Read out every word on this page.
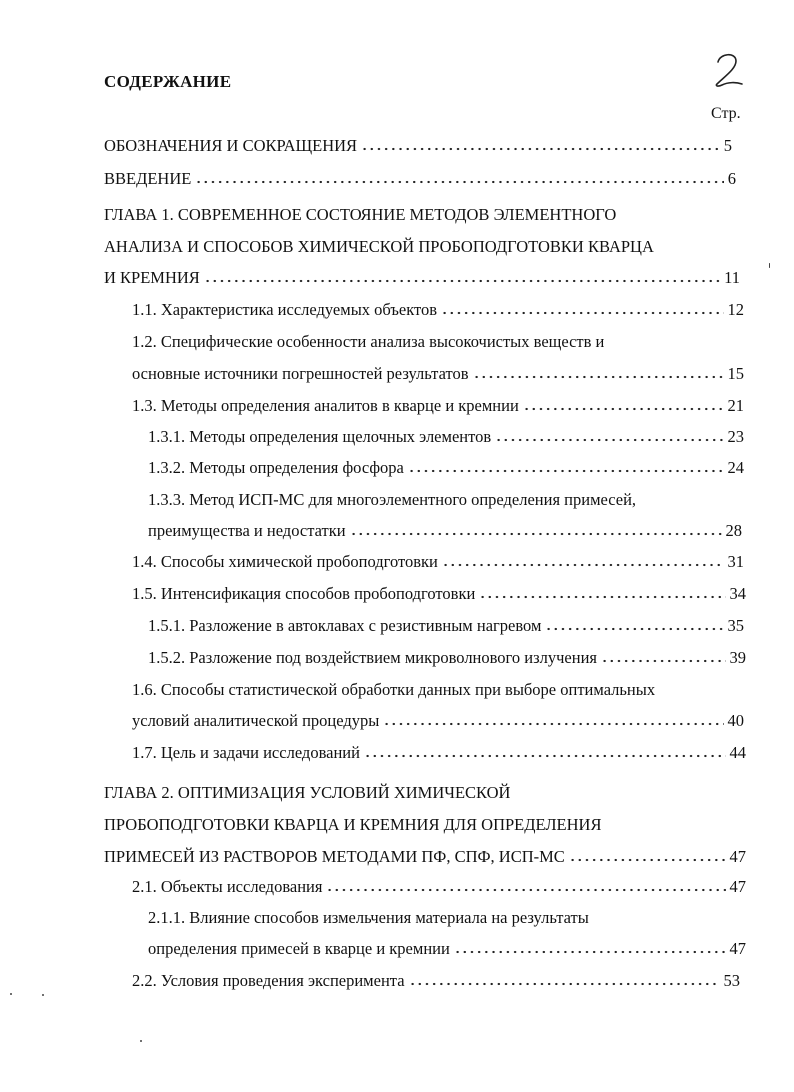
СОДЕРЖАНИЕ
Стр.
ОБОЗНАЧЕНИЯ И СОКРАЩЕНИЯ	5
ВВЕДЕНИЕ	6
ГЛАВА 1. СОВРЕМЕННОЕ СОСТОЯНИЕ МЕТОДОВ ЭЛЕМЕНТНОГО
АНАЛИЗА И СПОСОБОВ ХИМИЧЕСКОЙ ПРОБОПОДГОТОВКИ КВАРЦА
И КРЕМНИЯ	11
1.1. Характеристика исследуемых объектов	12
1.2. Специфические особенности анализа высокочистых веществ и
основные источники погрешностей результатов	15
1.3. Методы определения аналитов в кварце и кремнии	21
1.3.1. Методы определения щелочных элементов	23
1.3.2. Методы определения фосфора	24
1.3.3. Метод ИСП-МС для многоэлементного определения примесей,
преимущества и недостатки	28
1.4. Способы химической пробоподготовки	31
1.5. Интенсификация способов пробоподготовки	34
1.5.1. Разложение в автоклавах с резистивным нагревом	35
1.5.2. Разложение под воздействием микроволнового излучения	39
1.6. Способы статистической обработки данных при выборе оптимальных
условий аналитической процедуры	40
1.7. Цель и задачи исследований	44
ГЛАВА 2. ОПТИМИЗАЦИЯ УСЛОВИЙ ХИМИЧЕСКОЙ
ПРОБОПОДГОТОВКИ КВАРЦА И КРЕМНИЯ ДЛЯ ОПРЕДЕЛЕНИЯ
ПРИМЕСЕЙ ИЗ РАСТВОРОВ МЕТОДАМИ ПФ, СПФ, ИСП-МС	47
2.1. Объекты исследования	47
2.1.1. Влияние способов измельчения материала на результаты
определения примесей в кварце и кремнии	47
2.2. Условия проведения эксперимента	53
